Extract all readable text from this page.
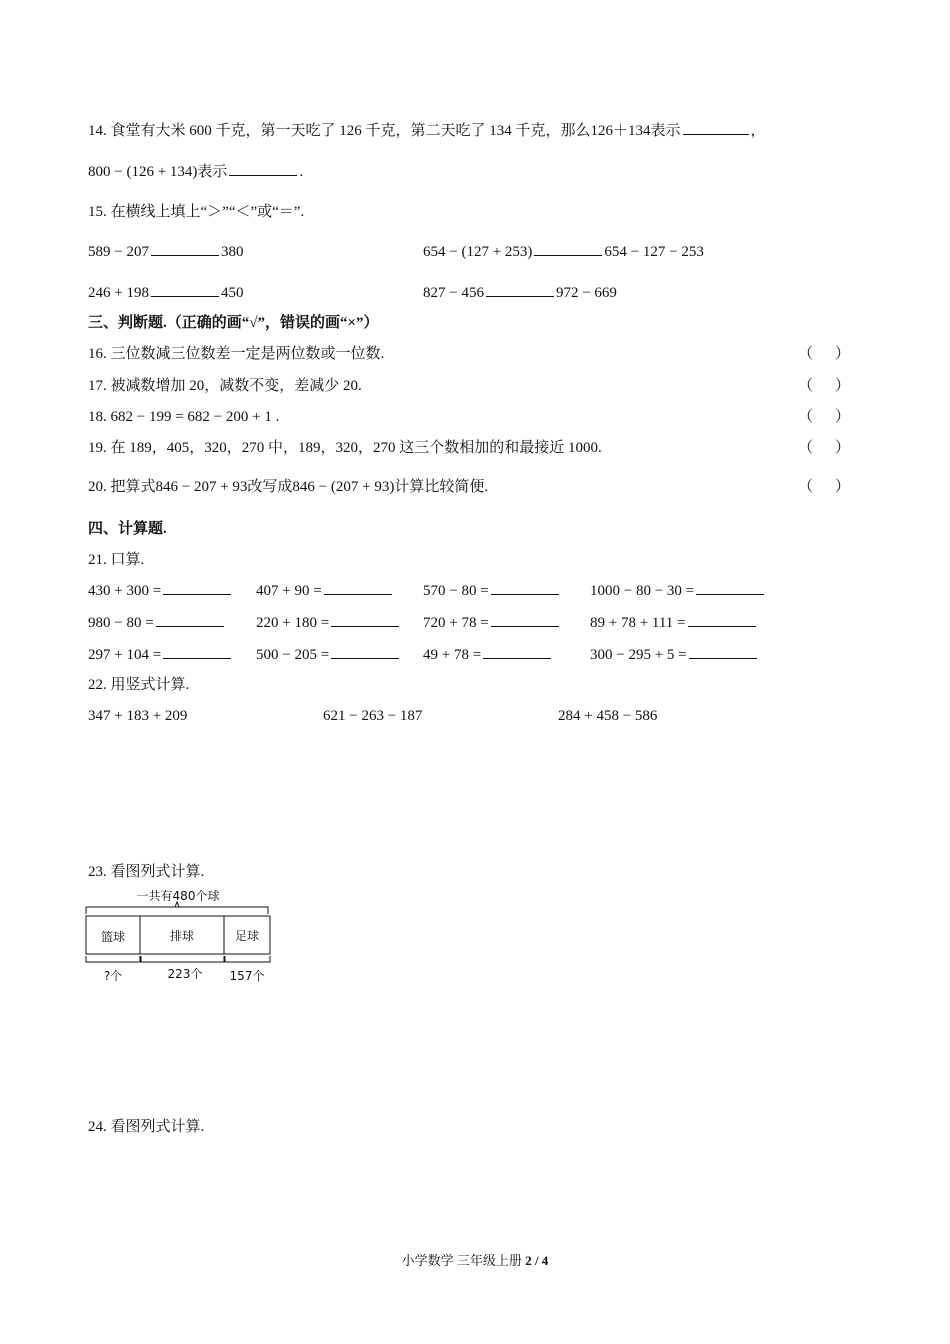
14. 食堂有大米 600 千克，第一天吃了 126 千克，第二天吃了 134 千克，那么126＋134表示	，
800 − (126 + 134)表示	.
15. 在横线上填上“＞”“＜”或“＝”.
589 − 207	380	654 − (127 + 253)	654 − 127 − 253
246 + 198	450	827 − 456	972 − 669
三、判断题.（正确的画“√”，错误的画“×”）
16. 三位数减三位数差一定是两位数或一位数.	（ ）
17. 被减数增加 20，减数不变，差减少 20.	（ ）
18. 682 − 199 = 682 − 200 + 1 .	（ ）
19. 在 189，405，320，270 中，189，320，270 这三个数相加的和最接近 1000.	（ ）
20. 把算式846 − 207 + 93改写成846 − (207 + 93)计算比较简便.	（ ）
四、计算题.
21. 口算.
430 + 300 =	407 + 90 =	570 − 80 =	1000 − 80 − 30 =
980 − 80 =	220 + 180 =	720 + 78 =	89 + 78 + 111 =
297 + 104 =	500 − 205 =	49 + 78 =	300 − 295 + 5 =
22. 用竖式计算.
347 + 183 + 209	621 − 263 − 187	284 + 458 − 586
23. 看图列式计算.
一共有480个球
篮球	排球	足球
?个	223个 157个
24. 看图列式计算.
小学数学 三年级上册 2 / 4
